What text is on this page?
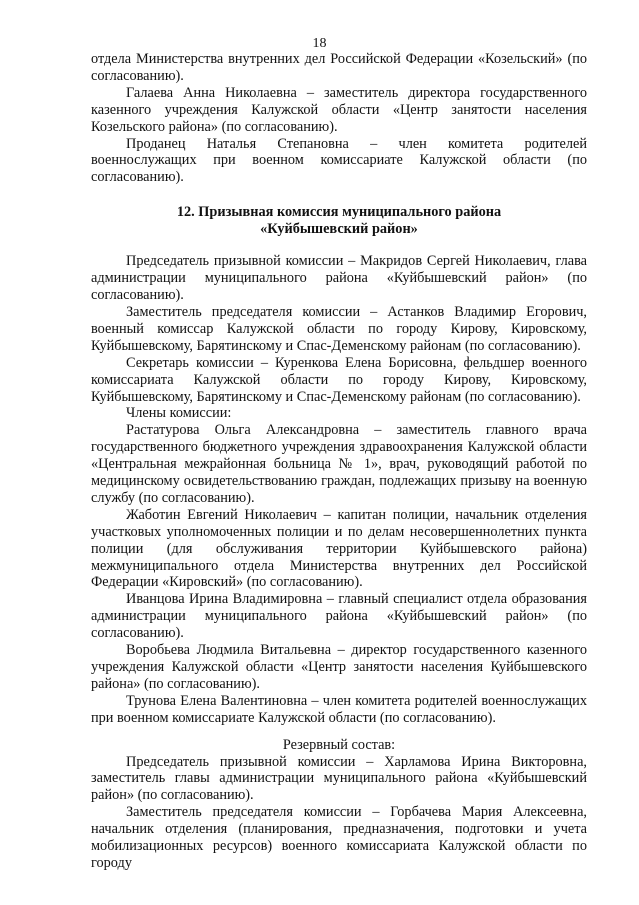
18

отдела Министерства внутренних дел Российской Федерации «Козельский» (по согласованию).

Галаева Анна Николаевна – заместитель директора государственного казенного учреждения Калужской области «Центр занятости населения Козельского района» (по согласованию).

Проданец Наталья Степановна – член комитета родителей военнослужащих при военном комиссариате Калужской области (по согласованию).

12. Призывная комиссия муниципального района

«Куйбышевский район»

Председатель призывной комиссии – Макридов Сергей Николаевич, глава администрации муниципального района «Куйбышевский район» (по согласованию).

Заместитель председателя комиссии – Астанков Владимир Егорович, военный комиссар Калужской области по городу Кирову, Кировскому, Куйбышевскому, Барятинскому и Спас-Деменскому районам (по согласованию).

Секретарь комиссии – Куренкова Елена Борисовна, фельдшер военного комиссариата Калужской области по городу Кирову, Кировскому, Куйбышевскому, Барятинскому и Спас-Деменскому районам (по согласованию).

Члены комиссии:

Растатурова Ольга Александровна – заместитель главного врача государственного бюджетного учреждения здравоохранения Калужской области «Центральная межрайонная больница № 1», врач, руководящий работой по медицинскому освидетельствованию граждан, подлежащих призыву на военную службу (по согласованию).

Жаботин Евгений Николаевич – капитан полиции, начальник отделения участковых уполномоченных полиции и по делам несовершеннолетних пункта полиции (для обслуживания территории Куйбышевского района) межмуниципального отдела Министерства внутренних дел Российской Федерации «Кировский» (по согласованию).

Иванцова Ирина Владимировна – главный специалист отдела образования администрации муниципального района «Куйбышевский район» (по согласованию).

Воробьева Людмила Витальевна – директор государственного казенного учреждения Калужской области «Центр занятости населения Куйбышевского района» (по согласованию).

Трунова Елена Валентиновна – член комитета родителей военнослужащих при военном комиссариате Калужской области (по согласованию).

Резервный состав:

Председатель призывной комиссии – Харламова Ирина Викторовна, заместитель главы администрации муниципального района «Куйбышевский район» (по согласованию).

Заместитель председателя комиссии – Горбачева Мария Алексеевна, начальник отделения (планирования, предназначения, подготовки и учета мобилизационных ресурсов) военного комиссариата Калужской области по городу
